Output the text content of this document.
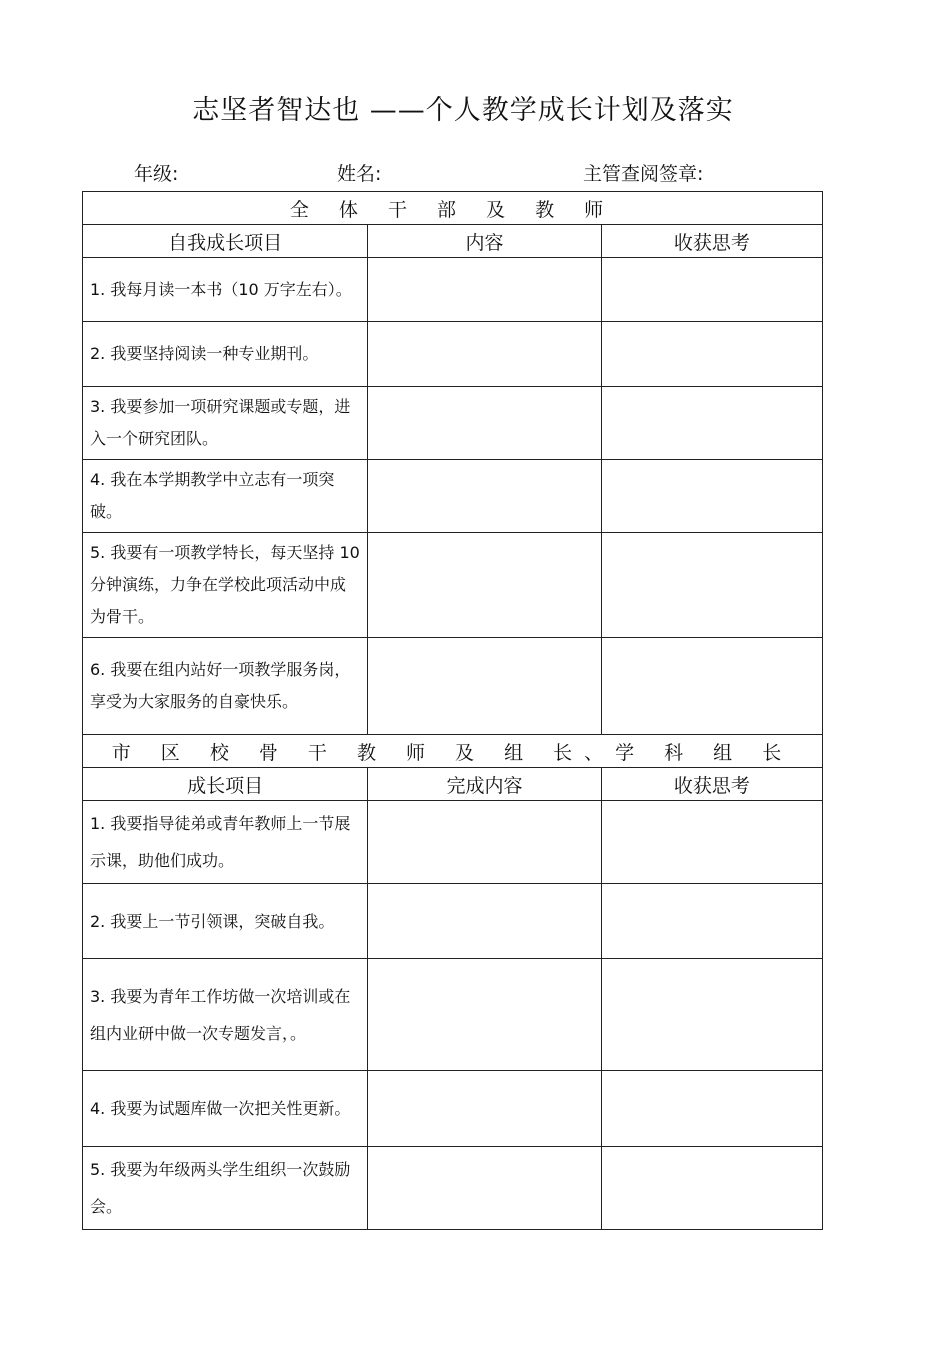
志坚者智达也 ——个人教学成长计划及落实
年级:	姓名:	主管查阅签章:
全 体 干 部 及 教 师		
自我成长项目	内容	收获思考
1. 我每月读一本书（10 万字左右）。		
2. 我要坚持阅读一种专业期刊。		
3. 我要参加一项研究课题或专题，进入一个研究团队。		
4. 我在本学期教学中立志有一项突破。		
5. 我要有一项教学特长，每天坚持 10 分钟演练，力争在学校此项活动中成为骨干。		
6. 我要在组内站好一项教学服务岗，享受为大家服务的自豪快乐。		
市 区 校 骨 干 教 师 及 组 长、学 科 组 长		
成长项目	完成内容	收获思考
1. 我要指导徒弟或青年教师上一节展示课，助他们成功。		
2. 我要上一节引领课，突破自我。		
3. 我要为青年工作坊做一次培训或在组内业研中做一次专题发言，。		
4. 我要为试题库做一次把关性更新。		
5. 我要为年级两头学生组织一次鼓励会。		
